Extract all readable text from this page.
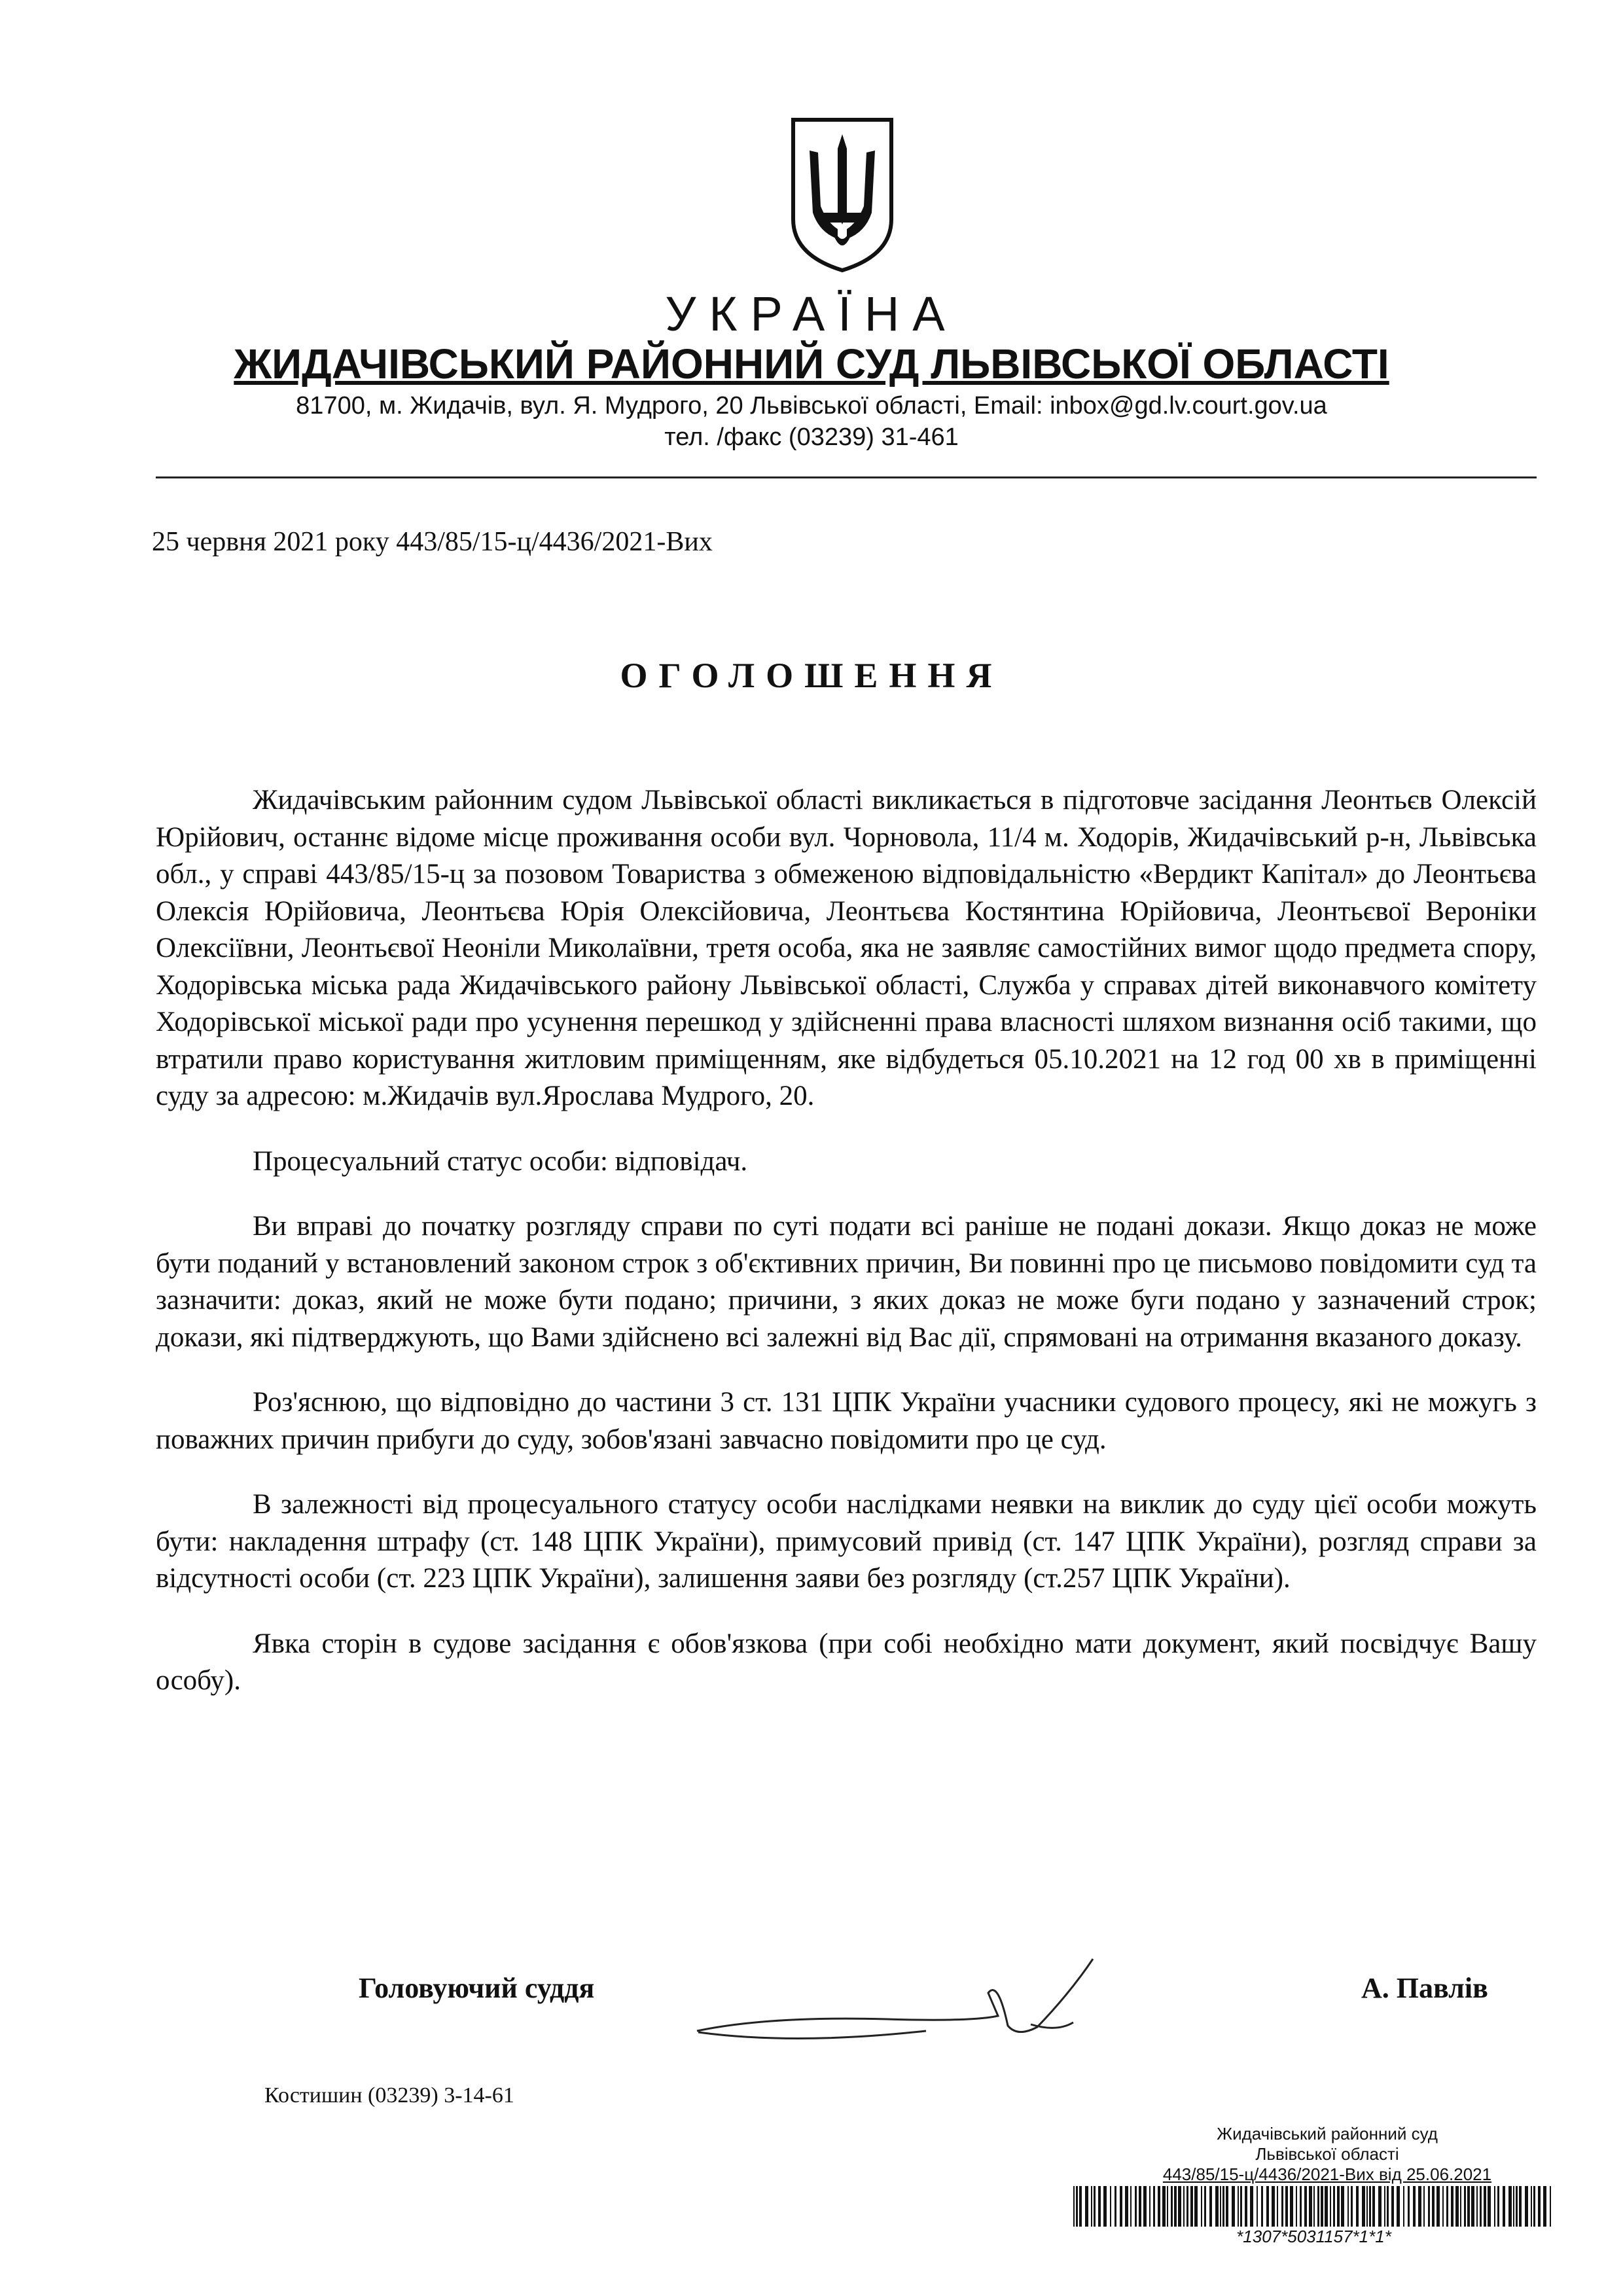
УКРАЇНА
ЖИДАЧІВСЬКИЙ РАЙОННИЙ СУД ЛЬВІВСЬКОЇ ОБЛАСТІ
81700, м. Жидачів, вул. Я. Мудрого, 20 Львівської області, Email: inbox@gd.lv.court.gov.ua
тел. /факс (03239) 31-461
25 червня 2021 року 443/85/15-ц/4436/2021-Вих
ОГОЛОШЕННЯ

Жидачівським районним судом Львівської області викликається в підготовче засідання Леонтьєв Олексій Юрійович, останнє відоме місце проживання особи вул. Чорновола, 11/4 м. Ходорів, Жидачівський р-н, Львівська обл., у справі 443/85/15-ц за позовом Товариства з обмеженою відповідальністю «Вердикт Капітал» до Леонтьєва Олексія Юрійовича, Леонтьєва Юрія Олексійовича, Леонтьєва Костянтина Юрійовича, Леонтьєвої Вероніки Олексіївни, Леонтьєвої Неоніли Миколаївни, третя особа, яка не заявляє самостійних вимог щодо предмета спору, Ходорівська міська рада Жидачівського району Львівської області, Служба у справах дітей виконавчого комітету Ходорівської міської ради про усунення перешкод у здійсненні права власності шляхом визнання осіб такими, що втратили право користування житловим приміщенням, яке відбудеться 05.10.2021 на 12 год 00 хв в приміщенні суду за адресою: м.Жидачів вул.Ярослава Мудрого, 20.

Процесуальний статус особи: відповідач.

Ви вправі до початку розгляду справи по суті подати всі раніше не подані докази. Якщо доказ не може бути поданий у встановлений законом строк з об'єктивних причин, Ви повинні про це письмово повідомити суд та зазначити: доказ, який не може бути подано; причини, з яких доказ не може буги подано у зазначений строк; докази, які підтверджують, що Вами здійснено всі залежні від Вас дії, спрямовані на отримання вказаного доказу.

Роз'яснюю, що відповідно до частини 3 ст. 131 ЦПК України учасники судового процесу, які не можугь з поважних причин прибуги до суду, зобов'язані завчасно повідомити про це суд.

В залежності від процесуального статусу особи наслідками неявки на виклик до суду цієї особи можуть бути: накладення штрафу (ст. 148 ЦПК України), примусовий привід (ст. 147 ЦПК України), розгляд справи за відсутності особи (ст. 223 ЦПК України), залишення заяви без розгляду (ст.257 ЦПК України).

Явка сторін в судове засідання є обов'язкова (при собі необхідно мати документ, який посвідчує Вашу особу).

Головуючий суддя	А. Павлів
Костишин (03239) 3-14-61
Жидачівський районний суд
Львівської області
443/85/15-ц/4436/2021-Вих від 25.06.2021
*1307*5031157*1*1*
